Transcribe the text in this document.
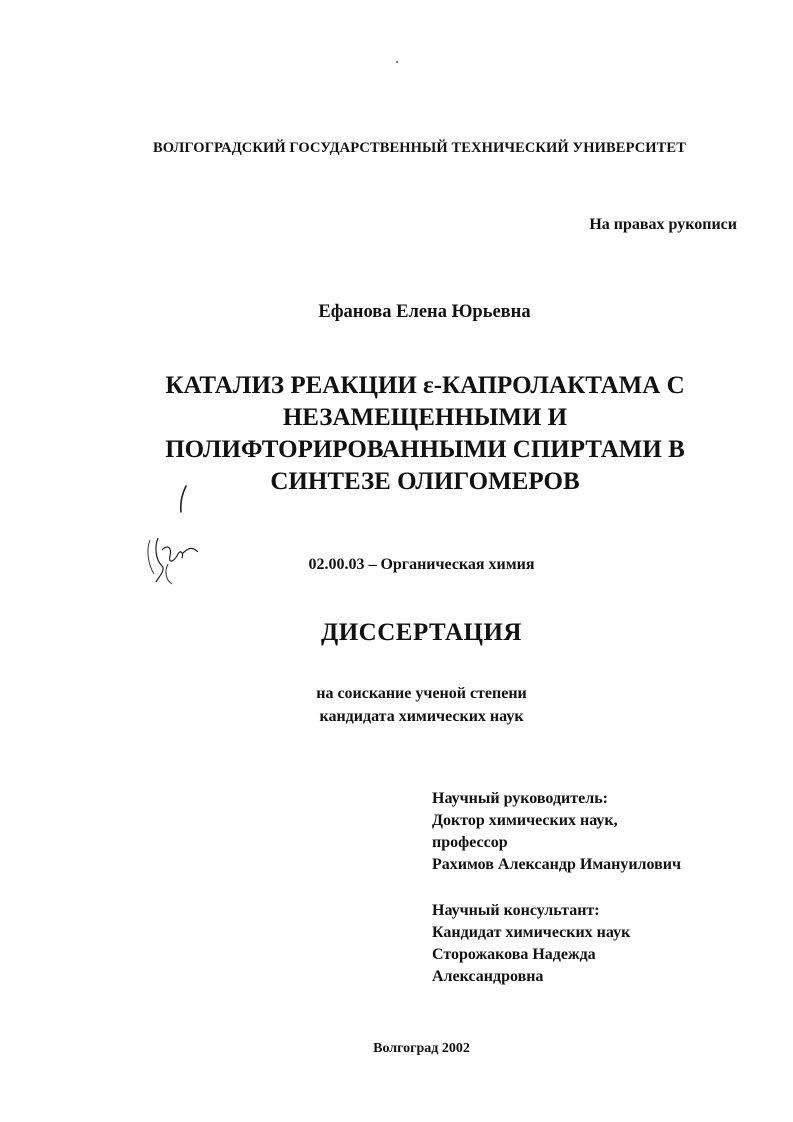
ВОЛГОГРАДСКИЙ ГОСУДАРСТВЕННЫЙ ТЕХНИЧЕСКИЙ УНИВЕРСИТЕТ
На правах рукописи
Ефанова Елена Юрьевна
КАТАЛИЗ РЕАКЦИИ ε-КАПРОЛАКТАМА С
НЕЗАМЕЩЕННЫМИ И
ПОЛИФТОРИРОВАННЫМИ СПИРТАМИ В
СИНТЕЗЕ ОЛИГОМЕРОВ
02.00.03 – Органическая химия
ДИССЕРТАЦИЯ
на соискание ученой степени
кандидата химических наук
Научный руководитель:
Доктор химических наук,
профессор
Рахимов Александр Имануилович
Научный консультант:
Кандидат химических наук
Сторожакова Надежда
Александровна
Волгоград 2002
